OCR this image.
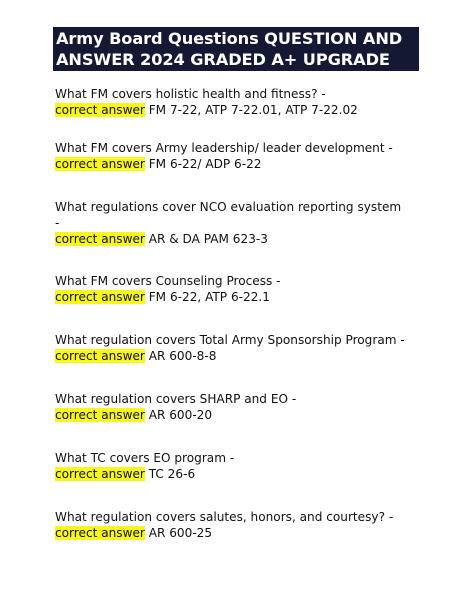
Army Board Questions QUESTION AND
ANSWER 2024 GRADED A+ UPGRADE
What FM covers holistic health and fitness? -
correct answer FM 7-22, ATP 7-22.01, ATP 7-22.02
What FM covers Army leadership/ leader development -
correct answer FM 6-22/ ADP 6-22
What regulations cover NCO evaluation reporting system
-
correct answer AR & DA PAM 623-3
What FM covers Counseling Process -
correct answer FM 6-22, ATP 6-22.1
What regulation covers Total Army Sponsorship Program -
correct answer AR 600-8-8
What regulation covers SHARP and EO -
correct answer AR 600-20
What TC covers EO program -
correct answer TC 26-6
What regulation covers salutes, honors, and courtesy? -
correct answer AR 600-25
